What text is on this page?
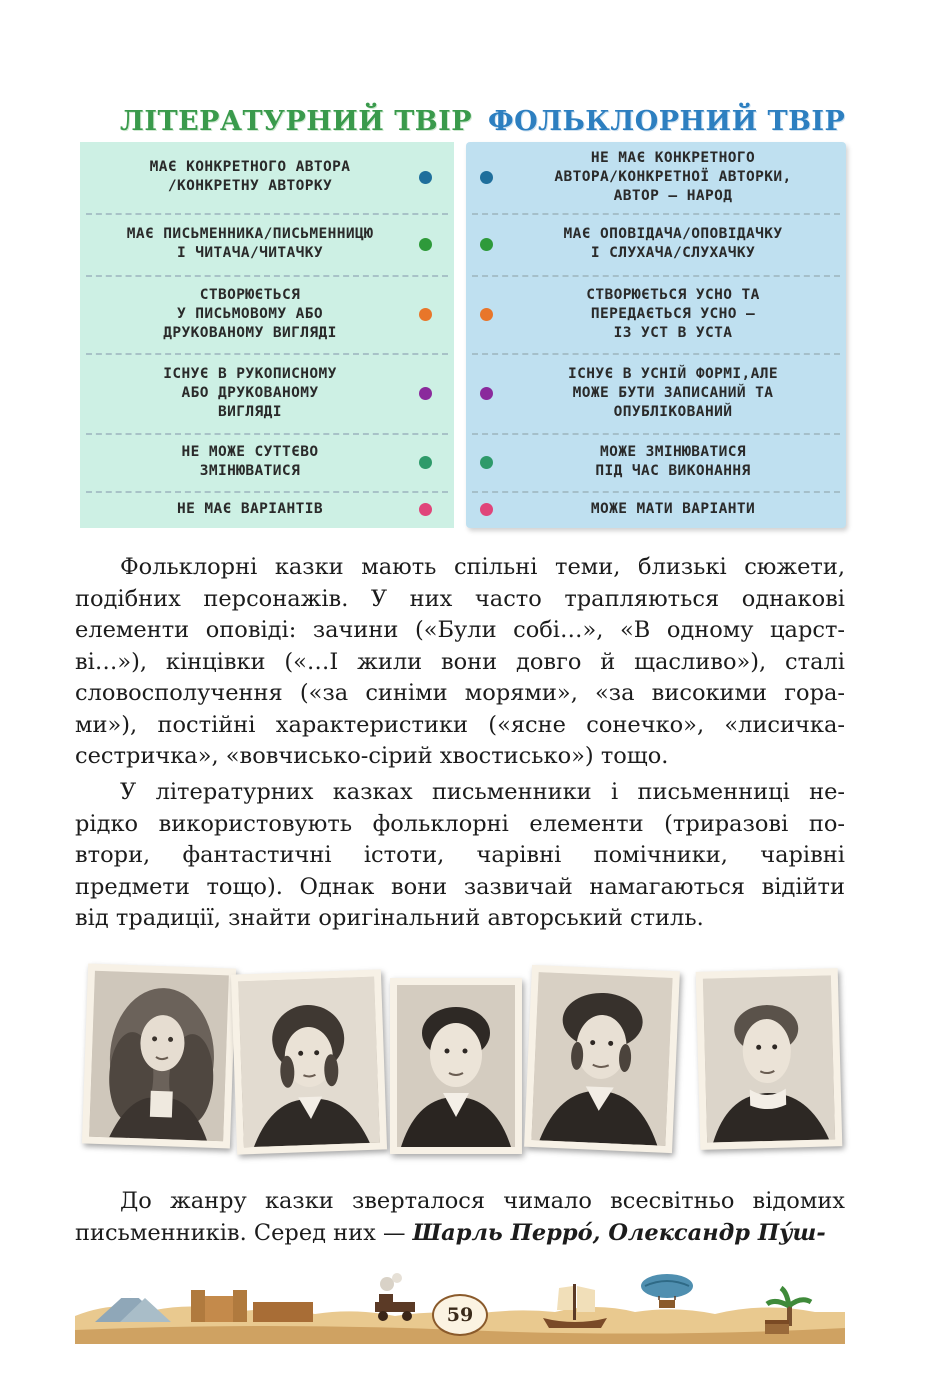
ЛІТЕРАТУРНИЙ ТВІР ФОЛЬКЛОРНИЙ ТВІР
МАЄ КОНКРЕТНОГО АВТОРА
/КОНКРЕТНУ АВТОРКУ
МАЄ ПИСЬМЕННИКА/ПИСЬМЕННИЦЮ
І ЧИТАЧА/ЧИТАЧКУ
СТВОРЮЄТЬСЯ
У ПИСЬМОВОМУ АБО
ДРУКОВАНОМУ ВИГЛЯДІ
ІСНУЄ В РУКОПИСНОМУ
АБО ДРУКОВАНОМУ
ВИГЛЯДІ
НЕ МОЖЕ СУТТЄВО
ЗМІНЮВАТИСЯ
НЕ МАЄ ВАРІАНТІВ
НЕ МАЄ КОНКРЕТНОГО
АВТОРА/КОНКРЕТНОЇ АВТОРКИ,
АВТОР — НАРОД
МАЄ ОПОВІДАЧА/ОПОВІДАЧКУ
І СЛУХАЧА/СЛУХАЧКУ
СТВОРЮЄТЬСЯ УСНО ТА
ПЕРЕДАЄТЬСЯ УСНО —
ІЗ УСТ В УСТА
ІСНУЄ В УСНІЙ ФОРМІ,АЛЕ
МОЖЕ БУТИ ЗАПИСАНИЙ ТА
ОПУБЛІКОВАНИЙ
МОЖЕ ЗМІНЮВАТИСЯ
ПІД ЧАС ВИКОНАННЯ
МОЖЕ МАТИ ВАРІАНТИ
Фольклорні казки мають спільні теми, близькі сюжети,
подібних персонажів. У них часто трапляються однакові
елементи оповіді: зачини («Були собі…», «В одному царст-
ві…»), кінцівки («…І жили вони довго й щасливо»), сталі
словосполучення («за синіми морями», «за високими гора-
ми»), постійні характеристики («ясне сонечко», «лисичка-
сестричка», «вовчисько-сірий хвостисько») тощо.
У літературних казках письменники і письменниці не-
рідко використовують фольклорні елементи (триразові по-
втори, фантастичні істоти, чарівні помічники, чарівні
предмети тощо). Однак вони зазвичай намагаються відійти
від традиції, знайти оригінальний авторський стиль.
До жанру казки зверталося чимало всесвітньо відомих
письменників. Серед них — Шарль Перро́, Олександр Пу́ш-
59
